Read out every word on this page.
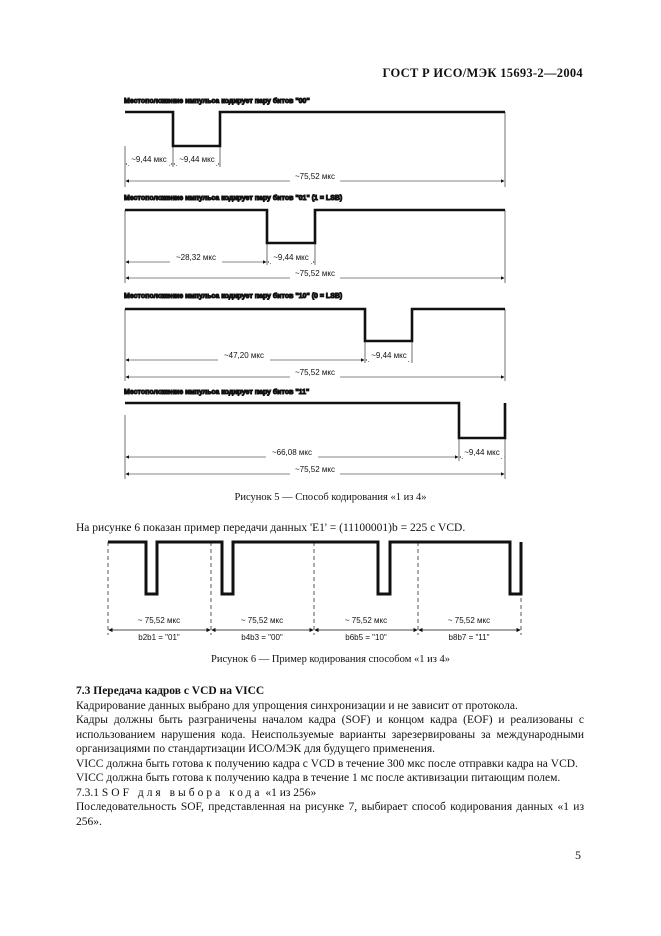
ГОСТ Р ИСО/МЭК 15693-2—2004
Местоположение импульса кодирует пару битов "00"
Местоположение импульса кодирует пару битов "01" (1 = LSB)
Местоположение импульса кодирует пару битов "10" (0 = LSB)
Местоположение импульса кодирует пару битов "11"
~9,44 мкс ~9,44 мкс
~75,52 мкс
~28,32 мкс	~9,44 мкс
~75,52 мкс
~47,20 мкс	~9,44 мкс
~75,52 мкс
~66,08 мкс	~9,44 мкс
~75,52 мкс
Рисунок 5 — Способ кодирования «1 из 4»
На рисунке 6 показан пример передачи данных 'E1' = (11100001)b = 225 с VCD.
~ 75,52 мкс	~ 75,52 мкс	~ 75,52 мкс	~ 75,52 мкс
b2b1 = "01"	b4b3 = "00"	b6b5 = "10"	b8b7 = "11"
Рисунок 6 — Пример кодирования способом «1 из 4»

7.3 Передача кадров с VCD на VICC

Кадрирование данных выбрано для упрощения синхронизации и не зависит от протокола.

Кадры должны быть разграничены началом кадра (SOF) и концом кадра (EOF) и реализованы с использованием нарушения кода. Неиспользуемые варианты зарезервированы за международными организациями по стандартизации ИСО/МЭК для будущего применения.

VICC должна быть готова к получению кадра с VCD в течение 300 мкс после отправки кадра на VCD.

VICC должна быть готова к получению кадра в течение 1 мс после активизации питающим полем.

7.3.1 SOF для выбора кода «1 из 256»

Последовательность SOF, представленная на рисунке 7, выбирает способ кодирования данных «1 из 256».

5
